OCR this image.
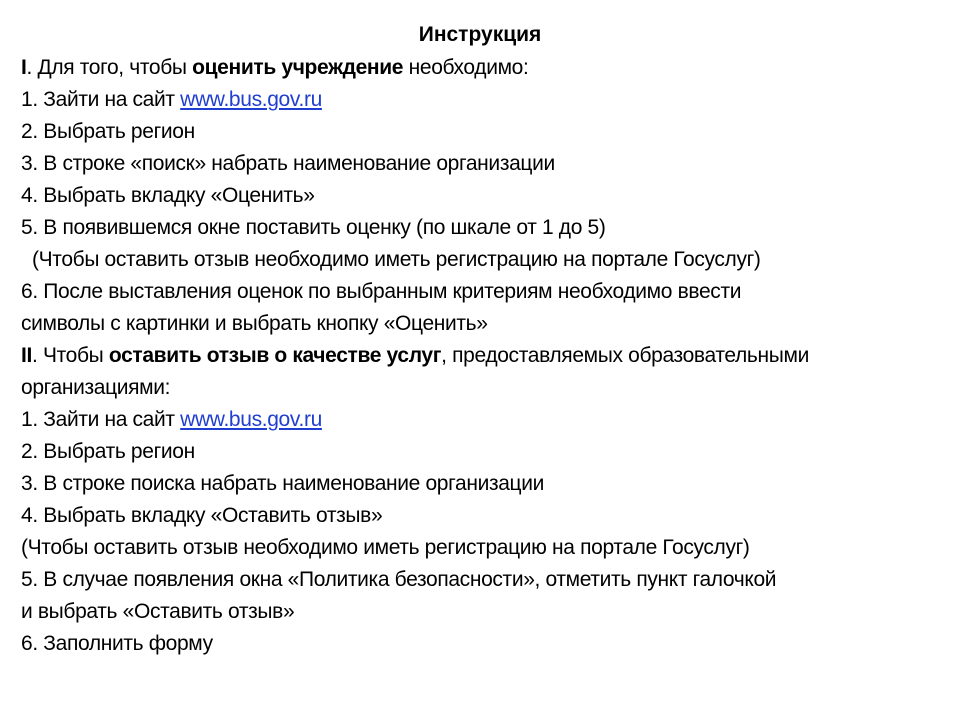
Инструкция
I. Для того, чтобы оценить учреждение необходимо:
1. Зайти на сайт www.bus.gov.ru
2. Выбрать регион
3. В строке «поиск» набрать наименование организации
4. Выбрать вкладку «Оценить»
5. В появившемся окне поставить оценку (по шкале от 1 до 5)
(Чтобы оставить отзыв необходимо иметь регистрацию на портале Госуслуг)
6. После выставления оценок по выбранным критериям необходимо ввести
символы с картинки и выбрать кнопку «Оценить»
II. Чтобы оставить отзыв о качестве услуг, предоставляемых образовательными
организациями:
1. Зайти на сайт www.bus.gov.ru
2. Выбрать регион
3. В строке поиска набрать наименование организации
4. Выбрать вкладку «Оставить отзыв»
(Чтобы оставить отзыв необходимо иметь регистрацию на портале Госуслуг)
5. В случае появления окна «Политика безопасности», отметить пункт галочкой
и выбрать «Оставить отзыв»
6. Заполнить форму
